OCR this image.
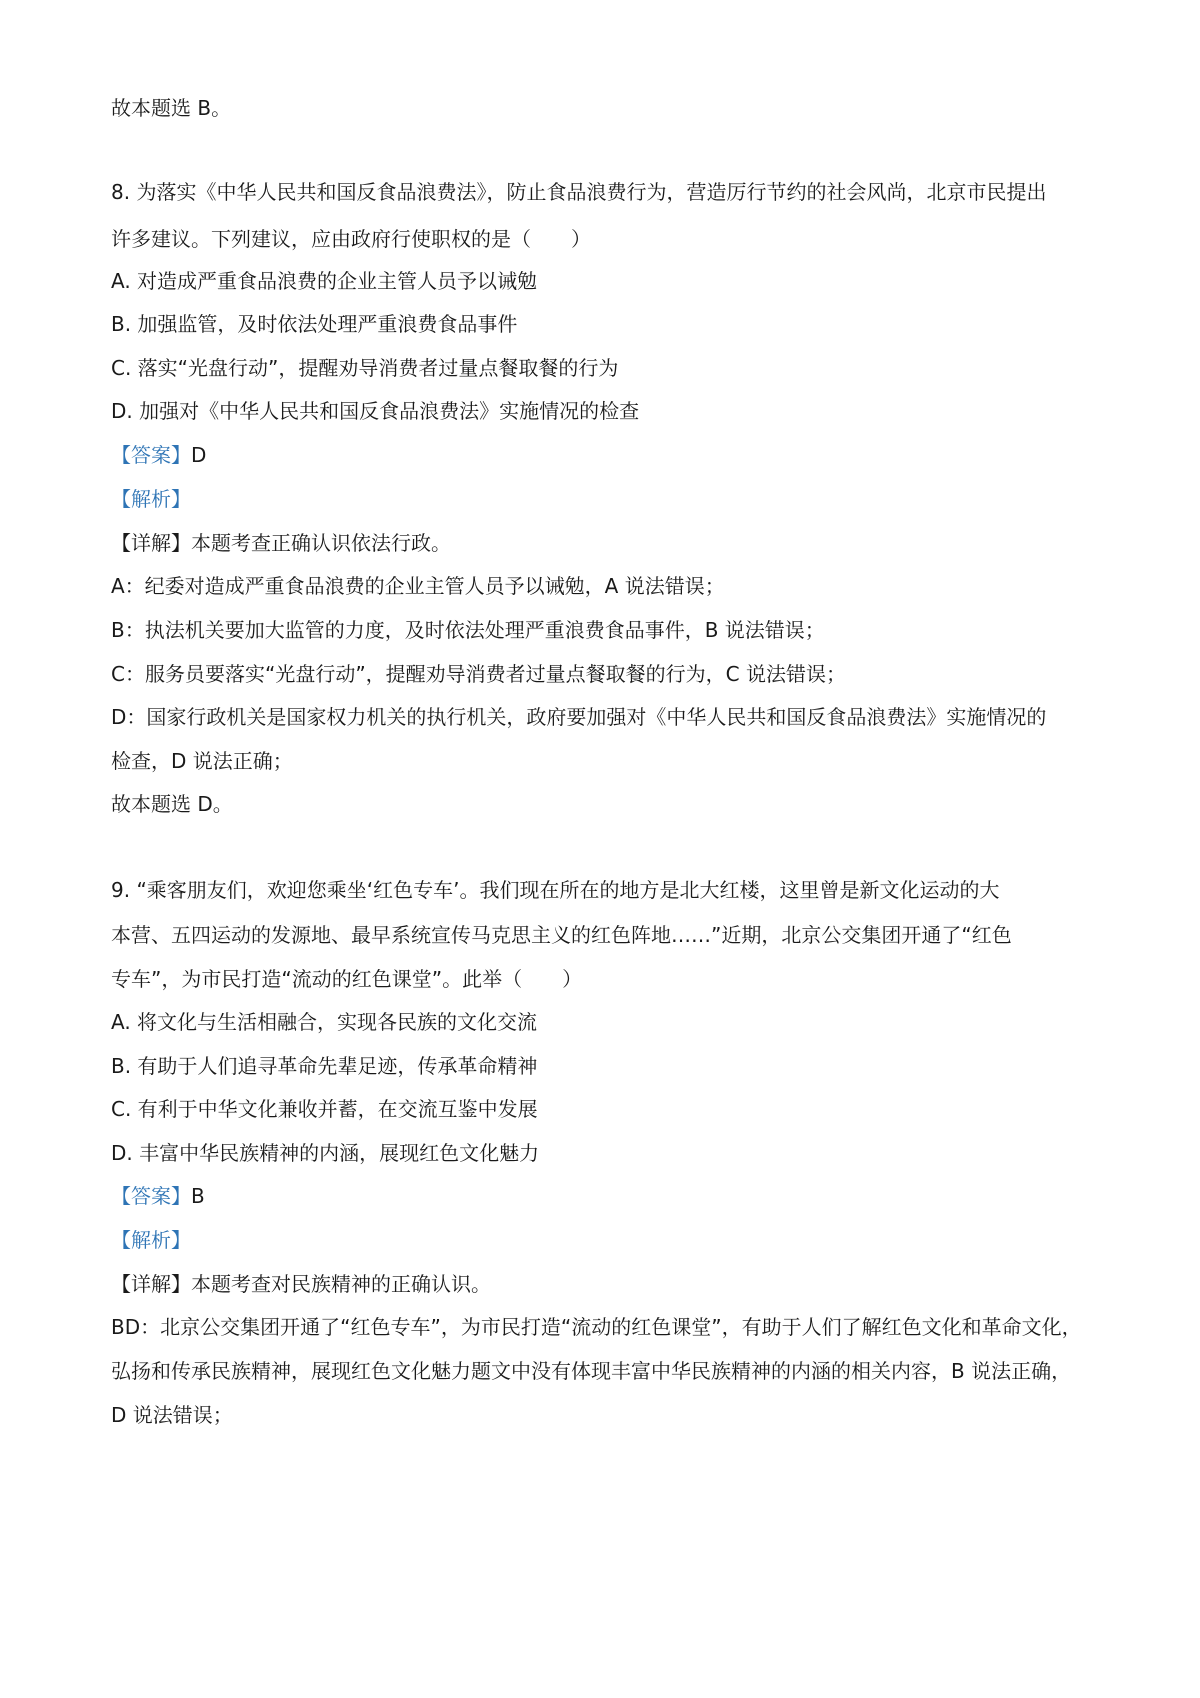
故本题选 B。
8. 为落实《中华人民共和国反食品浪费法》，防止食品浪费行为，营造厉行节约的社会风尚，北京市民提出
许多建议。下列建议，应由政府行使职权的是（　　）
A. 对造成严重食品浪费的企业主管人员予以诫勉
B. 加强监管，及时依法处理严重浪费食品事件
C. 落实“光盘行动”，提醒劝导消费者过量点餐取餐的行为
D. 加强对《中华人民共和国反食品浪费法》实施情况的检查
【答案】D
【解析】
【详解】本题考查正确认识依法行政。
A：纪委对造成严重食品浪费的企业主管人员予以诫勉，A 说法错误；
B：执法机关要加大监管的力度，及时依法处理严重浪费食品事件，B 说法错误；
C：服务员要落实“光盘行动”，提醒劝导消费者过量点餐取餐的行为，C 说法错误；
D：国家行政机关是国家权力机关的执行机关，政府要加强对《中华人民共和国反食品浪费法》实施情况的
检查，D 说法正确；
故本题选 D。
9. “乘客朋友们，欢迎您乘坐‘红色专车’。我们现在所在的地方是北大红楼，这里曾是新文化运动的大
本营、五四运动的发源地、最早系统宣传马克思主义的红色阵地……”近期，北京公交集团开通了“红色
专车”，为市民打造“流动的红色课堂”。此举（　　）
A. 将文化与生活相融合，实现各民族的文化交流
B. 有助于人们追寻革命先辈足迹，传承革命精神
C. 有利于中华文化兼收并蓄，在交流互鉴中发展
D. 丰富中华民族精神的内涵，展现红色文化魅力
【答案】B
【解析】
【详解】本题考查对民族精神的正确认识。
BD：北京公交集团开通了“红色专车”，为市民打造“流动的红色课堂”，有助于人们了解红色文化和革命文化，
弘扬和传承民族精神，展现红色文化魅力题文中没有体现丰富中华民族精神的内涵的相关内容，B 说法正确，
D 说法错误；
